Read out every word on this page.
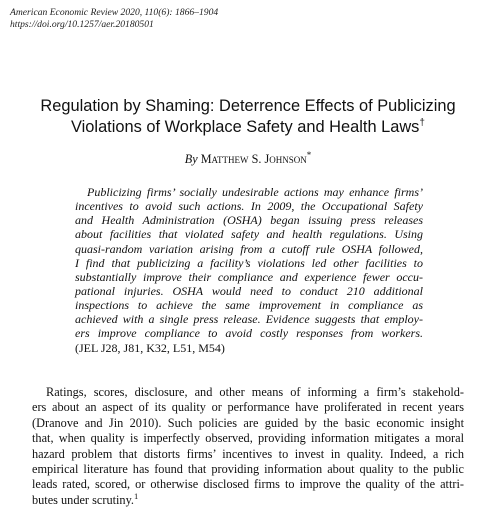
American Economic Review 2020, 110(6): 1866–1904
https://doi.org/10.1257/aer.20180501
Regulation by Shaming: Deterrence Effects of Publicizing
Violations of Workplace Safety and Health Laws†
By Matthew S. Johnson*
Publicizing firms’ socially undesirable actions may enhance firms’
incentives to avoid such actions. In 2009, the Occupational Safety
and Health Administration (OSHA) began issuing press releases
about facilities that violated safety and health regulations. Using
quasi-random variation arising from a cutoff rule OSHA followed,
I find that publicizing a facility’s violations led other facilities to
substantially improve their compliance and experience fewer occu-
pational injuries. OSHA would need to conduct 210 additional
inspections to achieve the same improvement in compliance as
achieved with a single press release. Evidence suggests that employ-
ers improve compliance to avoid costly responses from workers.
(JEL J28, J81, K32, L51, M54)
Ratings, scores, disclosure, and other means of informing a firm’s stakehold-
ers about an aspect of its quality or performance have proliferated in recent years
(Dranove and Jin 2010). Such policies are guided by the basic economic insight
that, when quality is imperfectly observed, providing information mitigates a moral
hazard problem that distorts firms’ incentives to invest in quality. Indeed, a rich
empirical literature has found that providing information about quality to the public
leads rated, scored, or otherwise disclosed firms to improve the quality of the attri-
butes under scrutiny.$^1$
